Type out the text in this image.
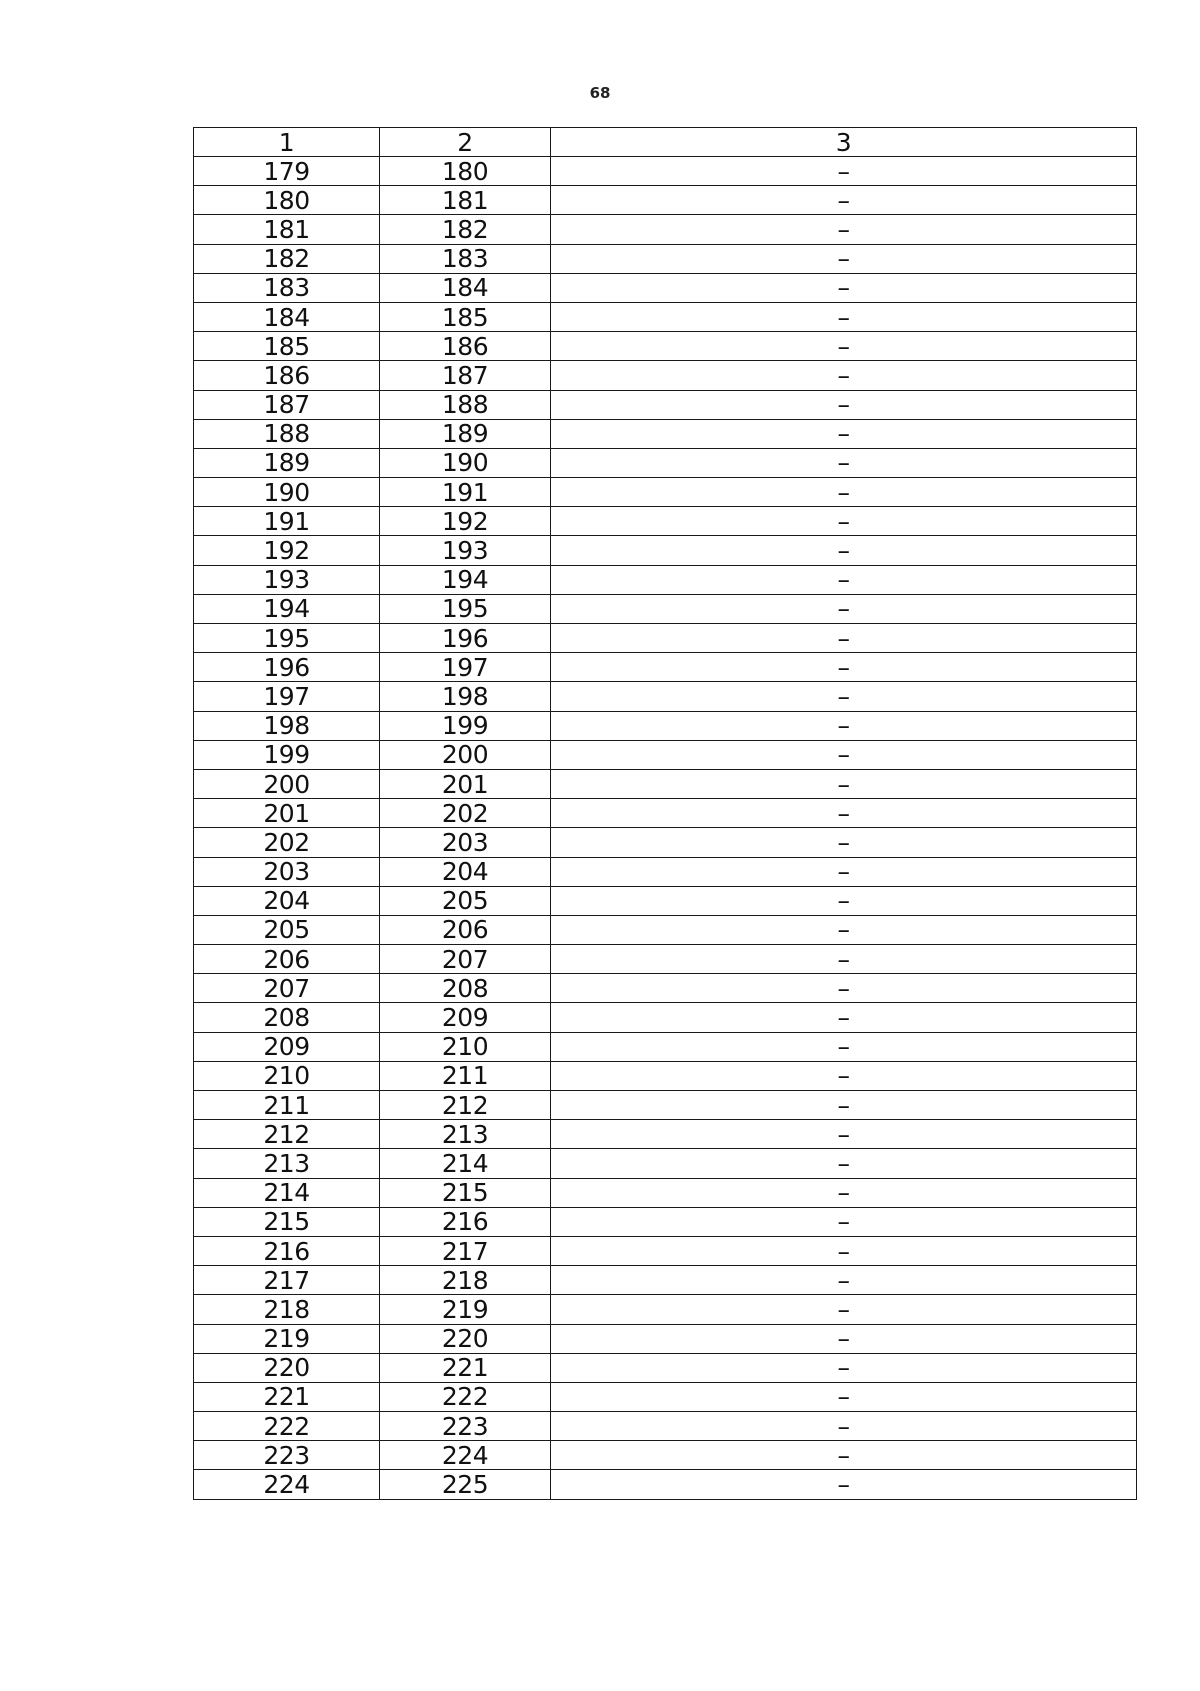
68
1	2	3
179	180	–
180	181	–
181	182	–
182	183	–
183	184	–
184	185	–
185	186	–
186	187	–
187	188	–
188	189	–
189	190	–
190	191	–
191	192	–
192	193	–
193	194	–
194	195	–
195	196	–
196	197	–
197	198	–
198	199	–
199	200	–
200	201	–
201	202	–
202	203	–
203	204	–
204	205	–
205	206	–
206	207	–
207	208	–
208	209	–
209	210	–
210	211	–
211	212	–
212	213	–
213	214	–
214	215	–
215	216	–
216	217	–
217	218	–
218	219	–
219	220	–
220	221	–
221	222	–
222	223	–
223	224	–
224	225	–
